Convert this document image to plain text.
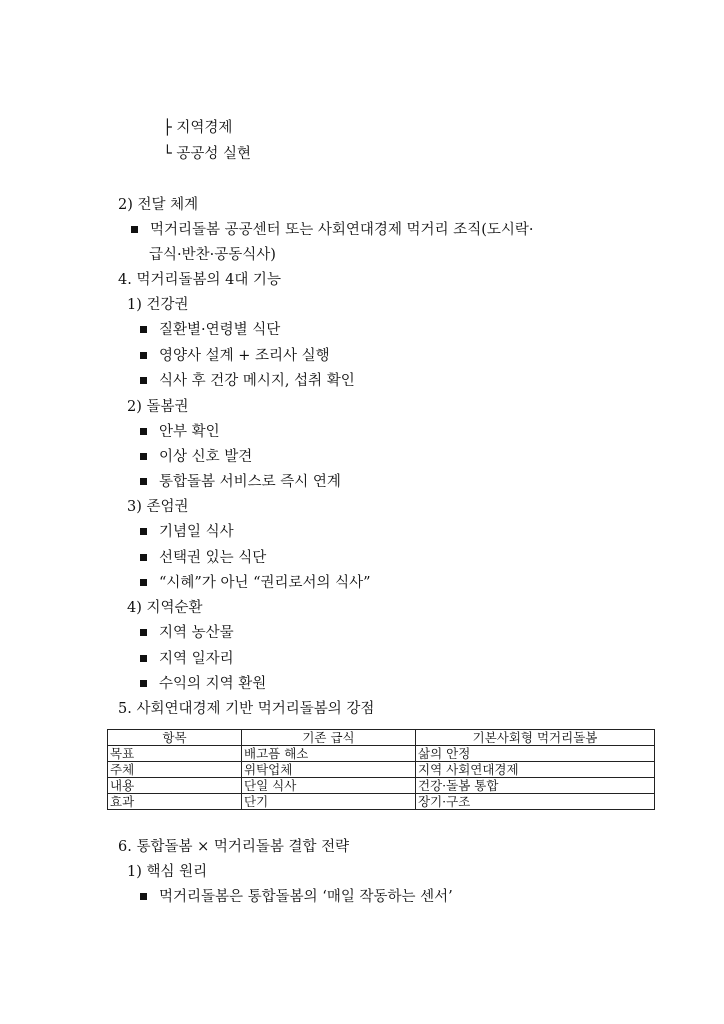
├ 지역경제
└ 공공성 실현
2) 전달 체계
먹거리돌봄 공공센터 또는 사회연대경제 먹거리 조직(도시락·
급식·반찬·공동식사)
4. 먹거리돌봄의 4대 기능
1) 건강권
질환별·연령별 식단
영양사 설계 + 조리사 실행
식사 후 건강 메시지, 섭취 확인
2) 돌봄권
안부 확인
이상 신호 발견
통합돌봄 서비스로 즉시 연계
3) 존엄권
기념일 식사
선택권 있는 식단
“시혜”가 아닌 “권리로서의 식사”
4) 지역순환
지역 농산물
지역 일자리
수익의 지역 환원
5. 사회연대경제 기반 먹거리돌봄의 강점
항목	기존 급식	기본사회형 먹거리돌봄
목표	배고픔 해소	삶의 안정
주체	위탁업체	지역 사회연대경제
내용	단일 식사	건강·돌봄 통합
효과	단기	장기·구조
6. 통합돌봄 × 먹거리돌봄 결합 전략
1) 핵심 원리
먹거리돌봄은 통합돌봄의 ‘매일 작동하는 센서’
